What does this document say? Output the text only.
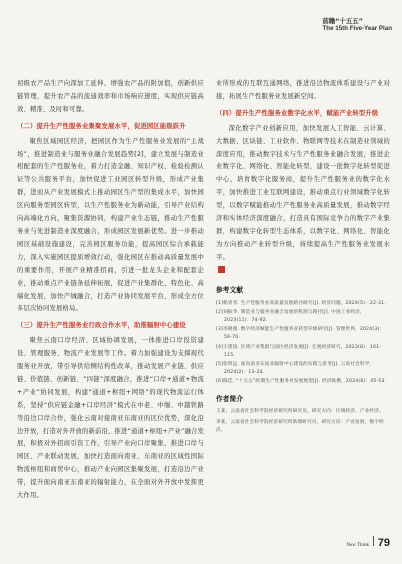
前瞻“十五五”
The 15th Five-Year Plan

初级农产品生产向深加工延伸，增强农产品的附加值，创新供应链管理，提升农产品的流通效率和市场响应速度，实现供应链高效、精准、及时和可靠。

（二）提升生产性服务业集聚发展水平，促进园区能级跃升

聚焦区域园区经济，把园区作为生产性服务业发展的“主战场”，推进制造业与服务业融合发展趋势[2]，建立发展与制造业相配套的生产性服务业，着力打造金融、知识产权、检验检测认证等公共服务平台，加快促进工业园区转型升级，形成产业集群，进而从产业发展模式上推动园区生产型的集成水平，加快园区向服务型园区转型，以生产性服务业为新动能，引导产业结构向高端化方向，聚集资源协同，构建产业生态链，推动生产性服务业与先进制造业深度融合，形成园区发展新优势。进一步推动园区基础设施建设，完善园区服务功能，提高园区综合承载能力，深入实施园区提质增效行动，强化园区在推动高质量发展中的重要作用，开展产业精准招商，引进一批龙头企业和配套企业，推动重点产业链条延伸拓展，促进产业集群化、特色化、高端化发展，加快产城融合，打造产业协同发展平台，形成全方位多层次协同发展格局。

（三）提升生产性服务业行政合作水平，助推辐射中心建设

聚焦云南口岸经济、区域协调发展，一体推进口岸投资建设、管理服务、物流产业发展等工作。着力加强建设为支撑现代服务业开放，带引导供给侧结构性改革，推动发展产业链、供应链、价值链、创新链、“四链”深度融合，推进“口岸+通道+物流+产业”协同发展，构建“通道+枢纽+网络”的现代物流运行体系，坚持“供应链金融+口岸经济”模式在中老、中缅、中越铁路等沿边口岸合作，强化云南对接南亚东南亚的区位优势，深化沿边开放，打造对外开放的新前沿，推进“通道+枢纽+产业”融合发展，积极对外招商引资工作，引导产业向口岸聚集，推进口岸与园区、产业联动发展，加快打造面向南亚、东南亚的区域性国际物流枢纽和商贸中心，推动产业向园区集聚发展，打造沿边产业带，提升面向南亚东南亚的辐射能力，在全面对外开放中发挥更大作用。

业所形成的互联互通网络，推进沿边物流体系建设与产业对接，拓展生产性服务业发展新空间。

（四）提升生产性服务业数字化水平，赋能产业转型升级

深化数字产业创新应用，加快发展人工智能、云计算、大数据、区块链、工业软件、物联网等技术在制造业领域的深度应用，推动数字技术与生产性服务业融合发展，推进企业数字化、网络化、智能化转型，建设一批数字化转型促进中心，培育数字化服务商，提升生产性服务业的数字化水平，加快推进工业互联网建设，推动重点行业领域数字化转型，以数字赋能推动生产性服务业高质量发展，推动数字经济和实体经济深度融合，打造具有国际竞争力的数字产业集群，构建数字化转型生态体系，以数字化、网络化、智能化为方向推动产业转型升级，持续提高生产性服务业发展水平。

参考文献
[1]杨青青. 生产性服务业高质量发展路径研究[J]. 经济问题，2024(5)：22-31.
[2]刘振华. 制造业与服务业融合发展的机制与路径[J]. 中国工业经济，2023(11)：74-92.
[3]李晓燕. 数字经济赋能生产性服务业转型升级研究[J]. 管理世界，2024(3)：56-70.
[4]王建国. 区域产业集群与园区经济发展[J]. 宏观经济研究，2023(8)：101-115.
[5]张明远. 面向南亚东南亚辐射中心建设的实践与思考[J]. 云南社会科学，2024(2)：13-24.
[6]陈佳. “十五五”时期生产性服务业发展展望[J]. 经济纵横，2024(6)：45-53.
作者简介
王某，云南省社会科学院经济研究所研究员，研究方向：区域经济、产业经济。
李某，云南省社会科学院经济研究所助理研究员，研究方向：产业发展、数字经济。
New Think 79
